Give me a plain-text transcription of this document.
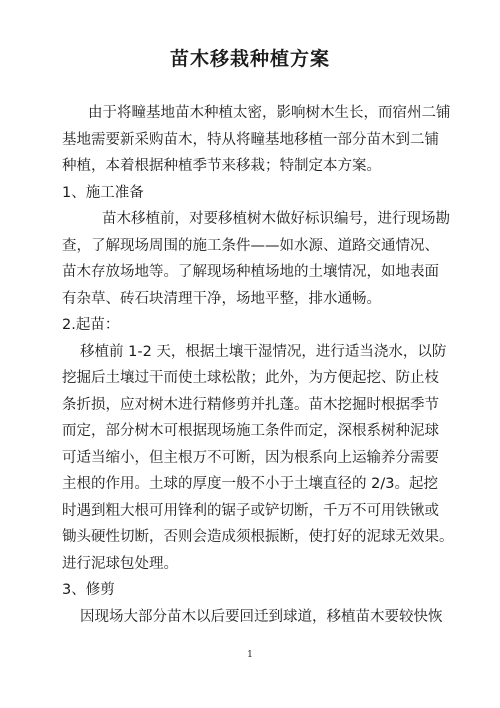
苗木移栽种植方案
由于将疃基地苗木种植太密，影响树木生长，而宿州二铺
基地需要新采购苗木，特从将疃基地移植一部分苗木到二铺
种植，本着根据种植季节来移栽；特制定本方案。
1、施工准备
苗木移植前，对要移植树木做好标识编号，进行现场勘
查，了解现场周围的施工条件——如水源、道路交通情况、
苗木存放场地等。了解现场种植场地的土壤情况，如地表面
有杂草、砖石块清理干净，场地平整，排水通畅。
2.起苗：
移植前 1-2 天，根据土壤干湿情况，进行适当浇水，以防
挖掘后土壤过干而使土球松散；此外，为方便起挖、防止枝
条折损，应对树木进行精修剪并扎蓬。苗木挖掘时根据季节
而定，部分树木可根据现场施工条件而定，深根系树种泥球
可适当缩小，但主根万不可断，因为根系向上运输养分需要
主根的作用。土球的厚度一般不小于土壤直径的 2/3。起挖
时遇到粗大根可用锋利的锯子或铲切断，千万不可用铁锹或
锄头硬性切断，否则会造成须根振断，使打好的泥球无效果。
进行泥球包处理。
3、修剪
因现场大部分苗木以后要回迁到球道，移植苗木要较快恢
1
